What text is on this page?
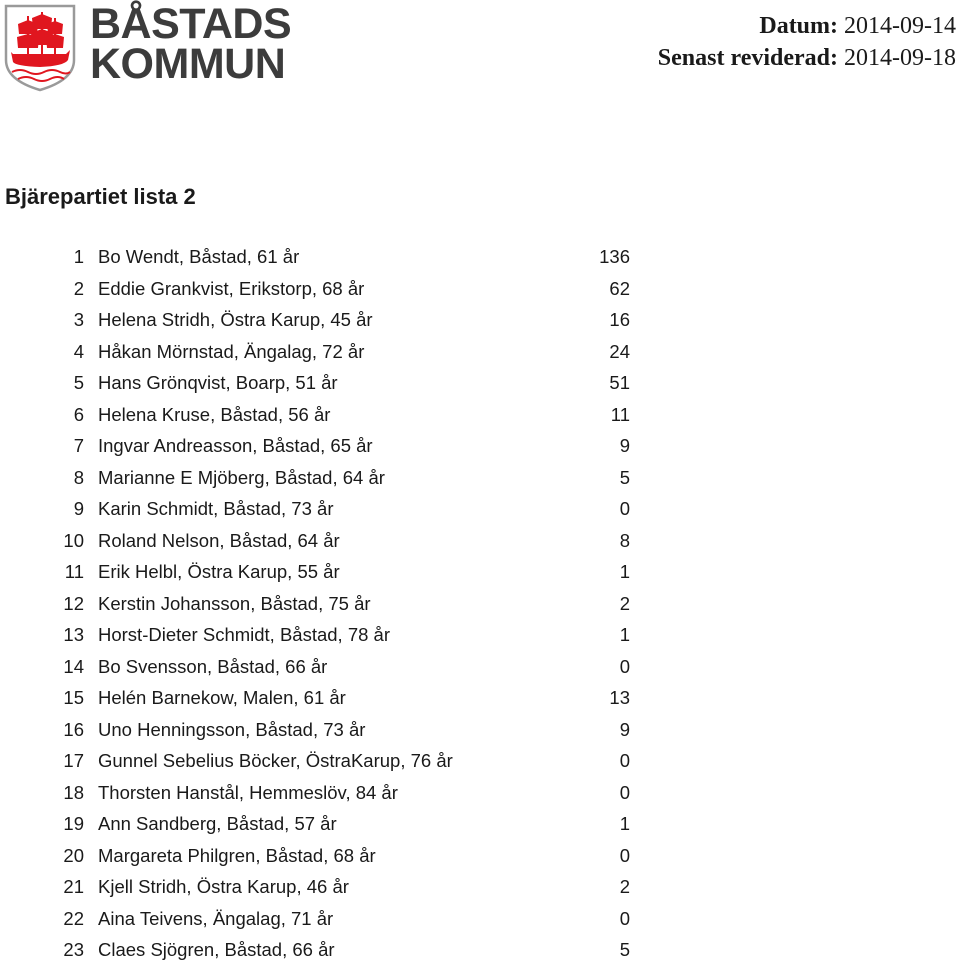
BÅSTADS
KOMMUN
Datum: 2014-09-14
Senast reviderad: 2014-09-18
Bjärepartiet lista 2
1	Bo Wendt, Båstad, 61 år	136
2	Eddie Grankvist, Erikstorp, 68 år	62
3	Helena Stridh, Östra Karup, 45 år	16
4	Håkan Mörnstad, Ängalag, 72 år	24
5	Hans Grönqvist, Boarp, 51 år	51
6	Helena Kruse, Båstad, 56 år	11
7	Ingvar Andreasson, Båstad, 65 år	9
8	Marianne E Mjöberg, Båstad, 64 år	5
9	Karin Schmidt, Båstad, 73 år	0
10	Roland Nelson, Båstad, 64 år	8
11	Erik Helbl, Östra Karup, 55 år	1
12	Kerstin Johansson, Båstad, 75 år	2
13	Horst-Dieter Schmidt, Båstad, 78 år	1
14	Bo Svensson, Båstad, 66 år	0
15	Helén Barnekow, Malen, 61 år	13
16	Uno Henningsson, Båstad, 73 år	9
17	Gunnel Sebelius Böcker, ÖstraKarup, 76 år	0
18	Thorsten Hanstål, Hemmeslöv, 84 år	0
19	Ann Sandberg, Båstad, 57 år	1
20	Margareta Philgren, Båstad, 68 år	0
21	Kjell Stridh, Östra Karup, 46 år	2
22	Aina Teivens, Ängalag, 71 år	0
23	Claes Sjögren, Båstad, 66 år	5
